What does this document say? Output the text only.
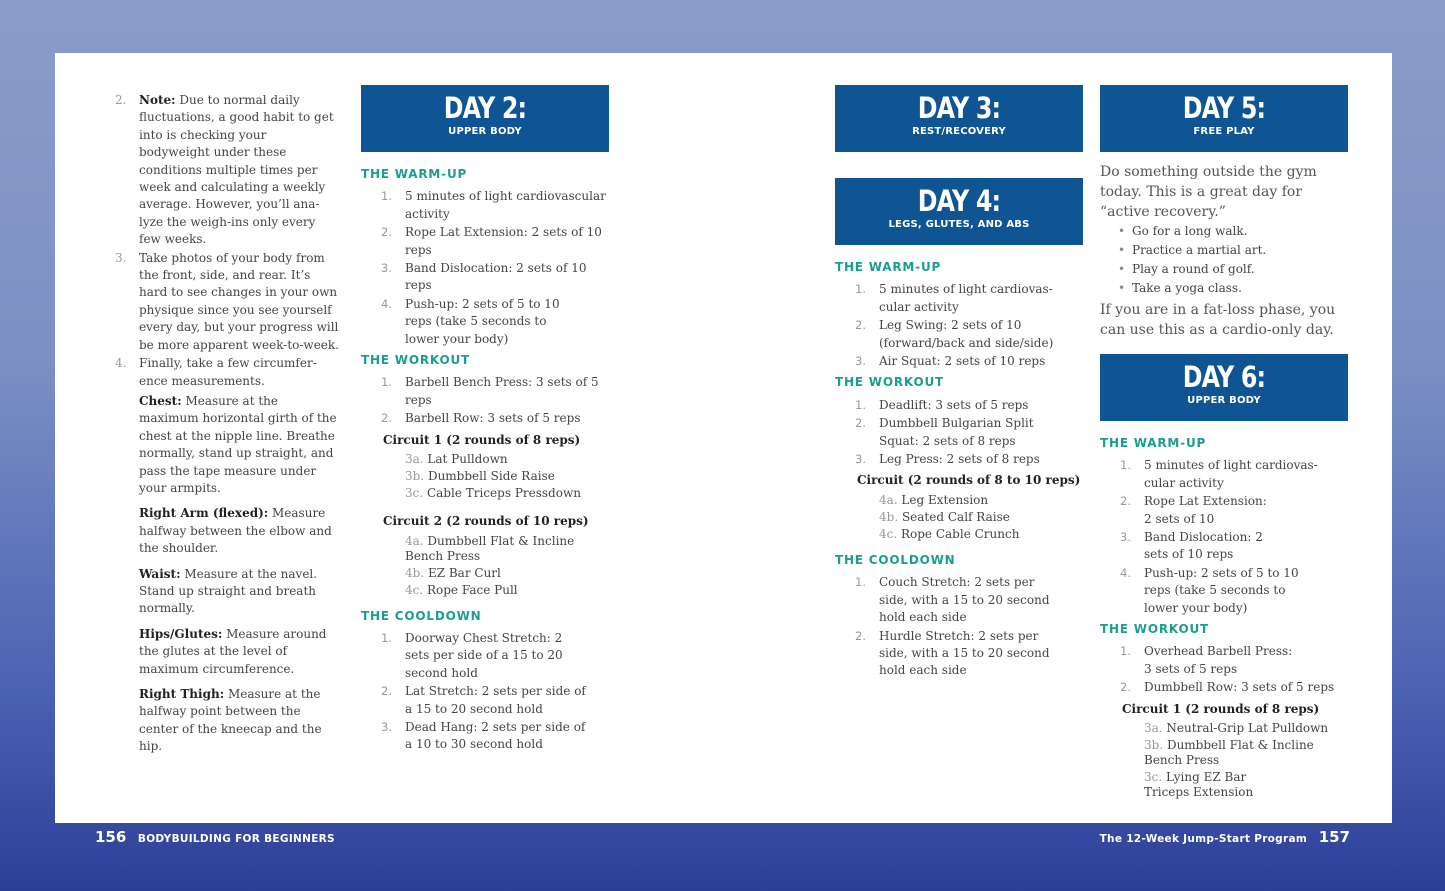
2. Note: Due to normal daily fluctuations, a good habit to get into is checking your bodyweight under these conditions multiple times per week and calculating a weekly average. However, you’ll ana-lyze the weigh-ins only every few weeks.
3. Take photos of your body from the front, side, and rear. It’s hard to see changes in your own physique since you see yourself every day, but your progress will be more apparent week-to-week.
4. Finally, take a few circumfer-ence measurements.
Chest: Measure at the maximum horizontal girth of the chest at the nipple line. Breathe normally, stand up straight, and pass the tape measure under your armpits.
Right Arm (flexed): Measure halfway between the elbow and the shoulder.
Waist: Measure at the navel. Stand up straight and breath normally.
Hips/Glutes: Measure around the glutes at the level of maximum circumference.
Right Thigh: Measure at the halfway point between the center of the kneecap and the hip.
DAY 2:
UPPER BODY

THE WARM-UP

1. 5 minutes of light cardiovascular activity
2. Rope Lat Extension: 2 sets of 10 reps
3. Band Dislocation: 2 sets of 10 reps
4. Push-up: 2 sets of 5 to 10 reps (take 5 seconds to lower your body)

THE WORKOUT

1. Barbell Bench Press: 3 sets of 5 reps
2. Barbell Row: 3 sets of 5 reps
Circuit 1 (2 rounds of 8 reps)
3a. Lat Pulldown
3b. Dumbbell Side Raise
3c. Cable Triceps Pressdown
Circuit 2 (2 rounds of 10 reps)
4a. Dumbbell Flat & Incline Bench Press
4b. EZ Bar Curl
4c. Rope Face Pull

THE COOLDOWN

1. Doorway Chest Stretch: 2 sets per side of a 15 to 20 second hold
2. Lat Stretch: 2 sets per side of a 15 to 20 second hold
3. Dead Hang: 2 sets per side of a 10 to 30 second hold
DAY 3:
REST/RECOVERY
DAY 4:
LEGS, GLUTES, AND ABS

THE WARM-UP

1. 5 minutes of light cardiovas-cular activity
2. Leg Swing: 2 sets of 10 (forward/back and side/side)
3. Air Squat: 2 sets of 10 reps

THE WORKOUT

1. Deadlift: 3 sets of 5 reps
2. Dumbbell Bulgarian Split Squat: 2 sets of 8 reps
3. Leg Press: 2 sets of 8 reps
Circuit (2 rounds of 8 to 10 reps)
4a. Leg Extension
4b. Seated Calf Raise
4c. Rope Cable Crunch

THE COOLDOWN

1. Couch Stretch: 2 sets per side, with a 15 to 20 second hold each side
2. Hurdle Stretch: 2 sets per side, with a 15 to 20 second hold each side
DAY 5:
FREE PLAY

Do something outside the gym today. This is a great day for “active recovery.”

• Go for a long walk.
• Practice a martial art.
• Play a round of golf.
• Take a yoga class.

If you are in a fat-loss phase, you can use this as a cardio-only day.

DAY 6:
UPPER BODY

THE WARM-UP

1. 5 minutes of light cardiovas-cular activity
2. Rope Lat Extension: 2 sets of 10
3. Band Dislocation: 2 sets of 10 reps
4. Push-up: 2 sets of 5 to 10 reps (take 5 seconds to lower your body)

THE WORKOUT

1. Overhead Barbell Press: 3 sets of 5 reps
2. Dumbbell Row: 3 sets of 5 reps
Circuit 1 (2 rounds of 8 reps)
3a. Neutral-Grip Lat Pulldown
3b. Dumbbell Flat & Incline Bench Press
3c. Lying EZ Bar Triceps Extension
156 BODYBUILDING FOR BEGINNERS	The 12-Week Jump-Start Program 157
